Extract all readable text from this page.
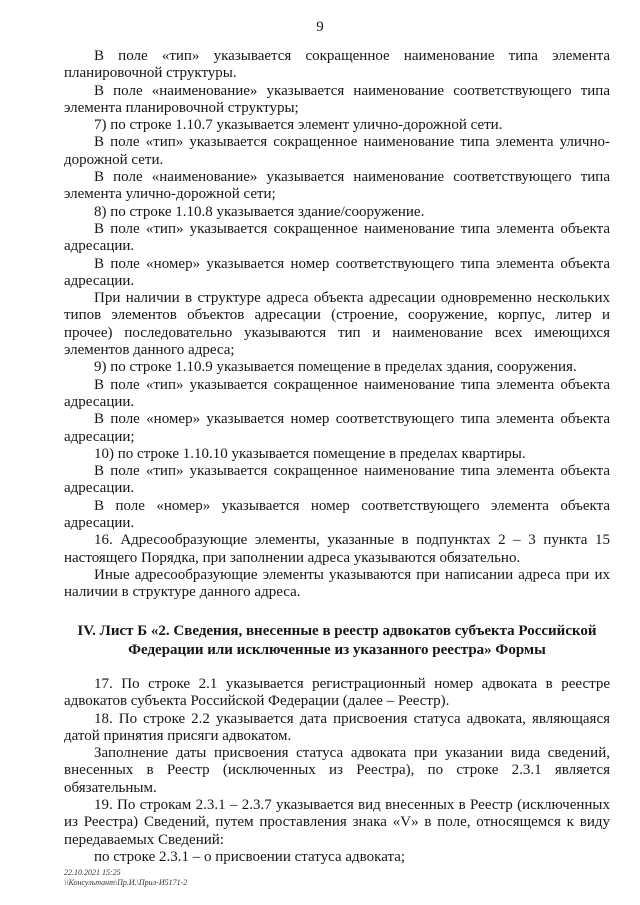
9

В поле «тип» указывается сокращенное наименование типа элемента планировочной структуры.

В поле «наименование» указывается наименование соответствующего типа элемента планировочной структуры;

7) по строке 1.10.7 указывается элемент улично-дорожной сети.

В поле «тип» указывается сокращенное наименование типа элемента улично-дорожной сети.

В поле «наименование» указывается наименование соответствующего типа элемента улично-дорожной сети;

8) по строке 1.10.8 указывается здание/сооружение.

В поле «тип» указывается сокращенное наименование типа элемента объекта адресации.

В поле «номер» указывается номер соответствующего типа элемента объекта адресации.

При наличии в структуре адреса объекта адресации одновременно нескольких типов элементов объектов адресации (строение, сооружение, корпус, литер и прочее) последовательно указываются тип и наименование всех имеющихся элементов данного адреса;

9) по строке 1.10.9 указывается помещение в пределах здания, сооружения.

В поле «тип» указывается сокращенное наименование типа элемента объекта адресации.

В поле «номер» указывается номер соответствующего типа элемента объекта адресации;

10) по строке 1.10.10 указывается помещение в пределах квартиры.

В поле «тип» указывается сокращенное наименование типа элемента объекта адресации.

В поле «номер» указывается номер соответствующего элемента объекта адресации.

16. Адресообразующие элементы, указанные в подпунктах 2 – 3 пункта 15 настоящего Порядка, при заполнении адреса указываются обязательно.

Иные адресообразующие элементы указываются при написании адреса при их наличии в структуре данного адреса.

IV. Лист Б «2. Сведения, внесенные в реестр адвокатов субъекта Российской
Федерации или исключенные из указанного реестра» Формы

17. По строке 2.1 указывается регистрационный номер адвоката в реестре адвокатов субъекта Российской Федерации (далее – Реестр).

18. По строке 2.2 указывается дата присвоения статуса адвоката, являющаяся датой принятия присяги адвокатом.

Заполнение даты присвоения статуса адвоката при указании вида сведений, внесенных в Реестр (исключенных из Реестра), по строке 2.3.1 является обязательным.

19. По строкам 2.3.1 – 2.3.7 указывается вид внесенных в Реестр (исключенных из Реестра) Сведений, путем проставления знака «V» в поле, относящемся к виду передаваемых Сведений:

по строке 2.3.1 – о присвоении статуса адвоката;

22.10.2021 15:25
\\Консультант\Пр.И.\Прил-И5171-2
